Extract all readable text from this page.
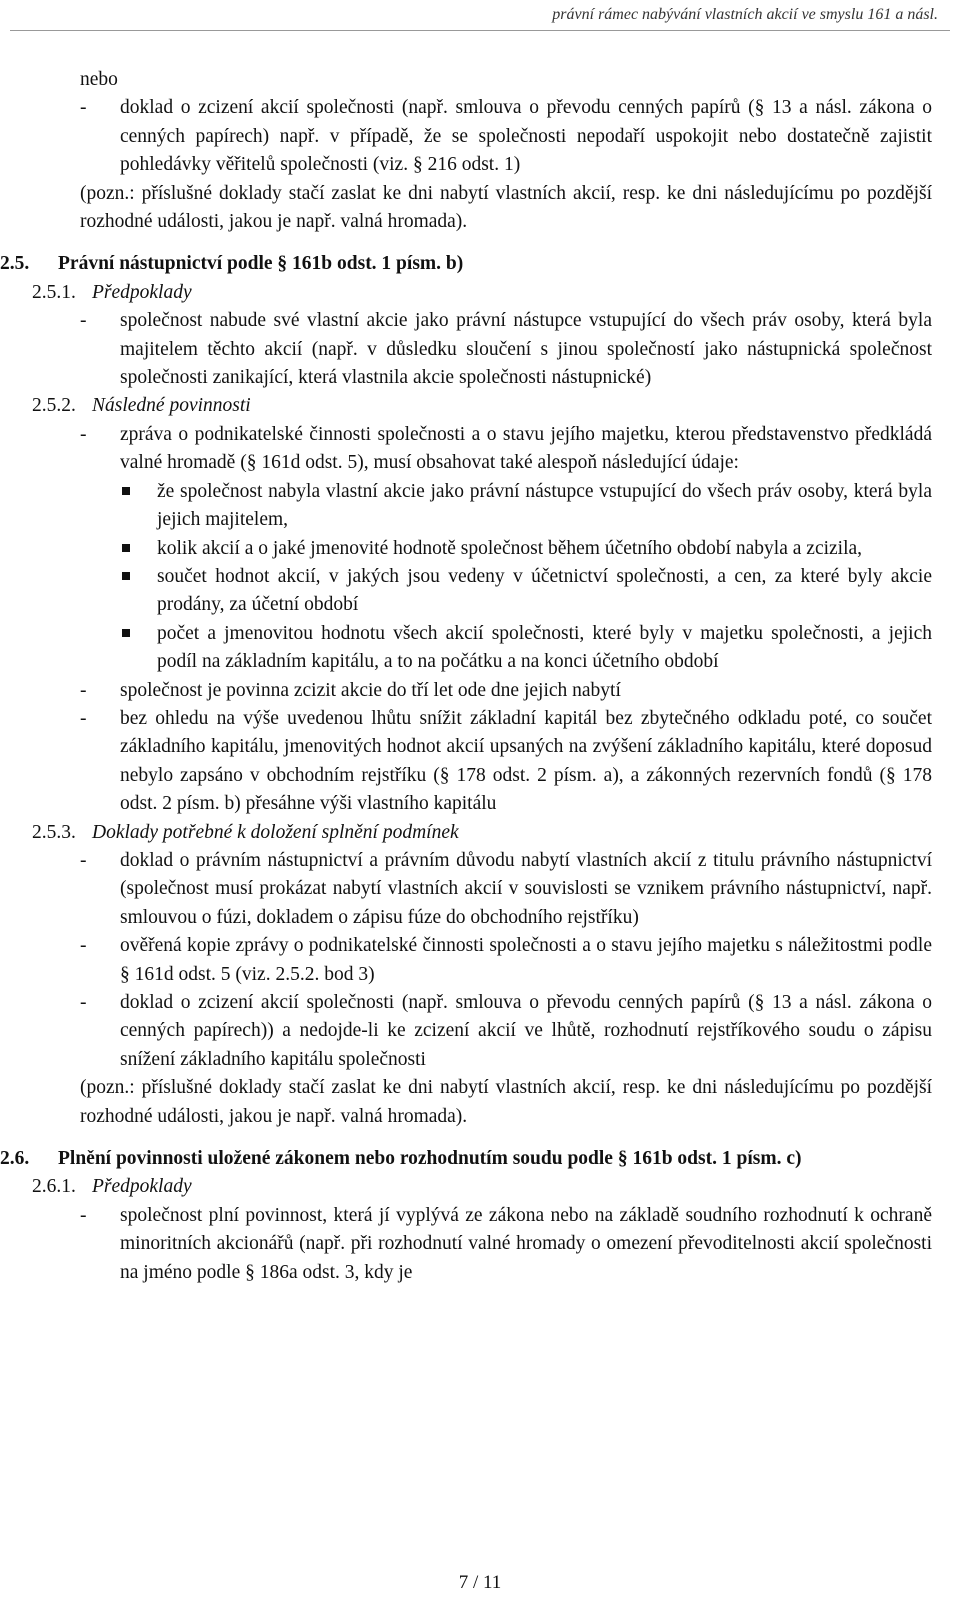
právní rámec nabývání vlastních akcií ve smyslu 161 a násl.
nebo
-	doklad o zcizení akcií společnosti (např. smlouva o převodu cenných papírů (§ 13 a násl. zákona o cenných papírech) např. v případě, že se společnosti nepodaří uspokojit nebo dostatečně zajistit pohledávky věřitelů společnosti (viz. § 216 odst. 1)
(pozn.: příslušné doklady stačí zaslat ke dni nabytí vlastních akcií, resp. ke dni následujícímu po pozdější rozhodné události, jakou je např. valná hromada).
2.5. Právní nástupnictví podle § 161b odst. 1 písm. b)
2.5.1. Předpoklady
-	společnost nabude své vlastní akcie jako právní nástupce vstupující do všech práv osoby, která byla majitelem těchto akcií (např. v důsledku sloučení s jinou společností jako nástupnická společnost společnosti zanikající, která vlastnila akcie společnosti nástupnické)
2.5.2. Následné povinnosti
-	zpráva o podnikatelské činnosti společnosti a o stavu jejího majetku, kterou představenstvo předkládá valné hromadě (§ 161d odst. 5), musí obsahovat také alespoň následující údaje:
že společnost nabyla vlastní akcie jako právní nástupce vstupující do všech práv osoby, která byla jejich majitelem,
kolik akcií a o jaké jmenovité hodnotě společnost během účetního období nabyla a zcizila,
součet hodnot akcií, v jakých jsou vedeny v účetnictví společnosti, a cen, za které byly akcie prodány, za účetní období
počet a jmenovitou hodnotu všech akcií společnosti, které byly v majetku společnosti, a jejich podíl na základním kapitálu, a to na počátku a na konci účetního období
-	společnost je povinna zcizit akcie do tří let ode dne jejich nabytí
-	bez ohledu na výše uvedenou lhůtu snížit základní kapitál bez zbytečného odkladu poté, co součet základního kapitálu, jmenovitých hodnot akcií upsaných na zvýšení základního kapitálu, které doposud nebylo zapsáno v obchodním rejstříku (§ 178 odst. 2 písm. a), a zákonných rezervních fondů (§ 178 odst. 2 písm. b) přesáhne výši vlastního kapitálu
2.5.3. Doklady potřebné k doložení splnění podmínek
-	doklad o právním nástupnictví a právním důvodu nabytí vlastních akcií z titulu právního nástupnictví (společnost musí prokázat nabytí vlastních akcií v souvislosti se vznikem právního nástupnictví, např. smlouvou o fúzi, dokladem o zápisu fúze do obchodního rejstříku)
-	ověřená kopie zprávy o podnikatelské činnosti společnosti a o stavu jejího majetku s náležitostmi podle § 161d odst. 5 (viz. 2.5.2. bod 3)
-	doklad o zcizení akcií společnosti (např. smlouva o převodu cenných papírů (§ 13 a násl. zákona o cenných papírech)) a nedojde-li ke zcizení akcií ve lhůtě, rozhodnutí rejstříkového soudu o zápisu snížení základního kapitálu společnosti
(pozn.: příslušné doklady stačí zaslat ke dni nabytí vlastních akcií, resp. ke dni následujícímu po pozdější rozhodné události, jakou je např. valná hromada).
2.6. Plnění povinnosti uložené zákonem nebo rozhodnutím soudu podle § 161b odst. 1 písm. c)
2.6.1. Předpoklady
-	společnost plní povinnost, která jí vyplývá ze zákona nebo na základě soudního rozhodnutí k ochraně minoritních akcionářů (např. při rozhodnutí valné hromady o omezení převoditelnosti akcií společnosti na jméno podle § 186a odst. 3, kdy je
7 / 11
